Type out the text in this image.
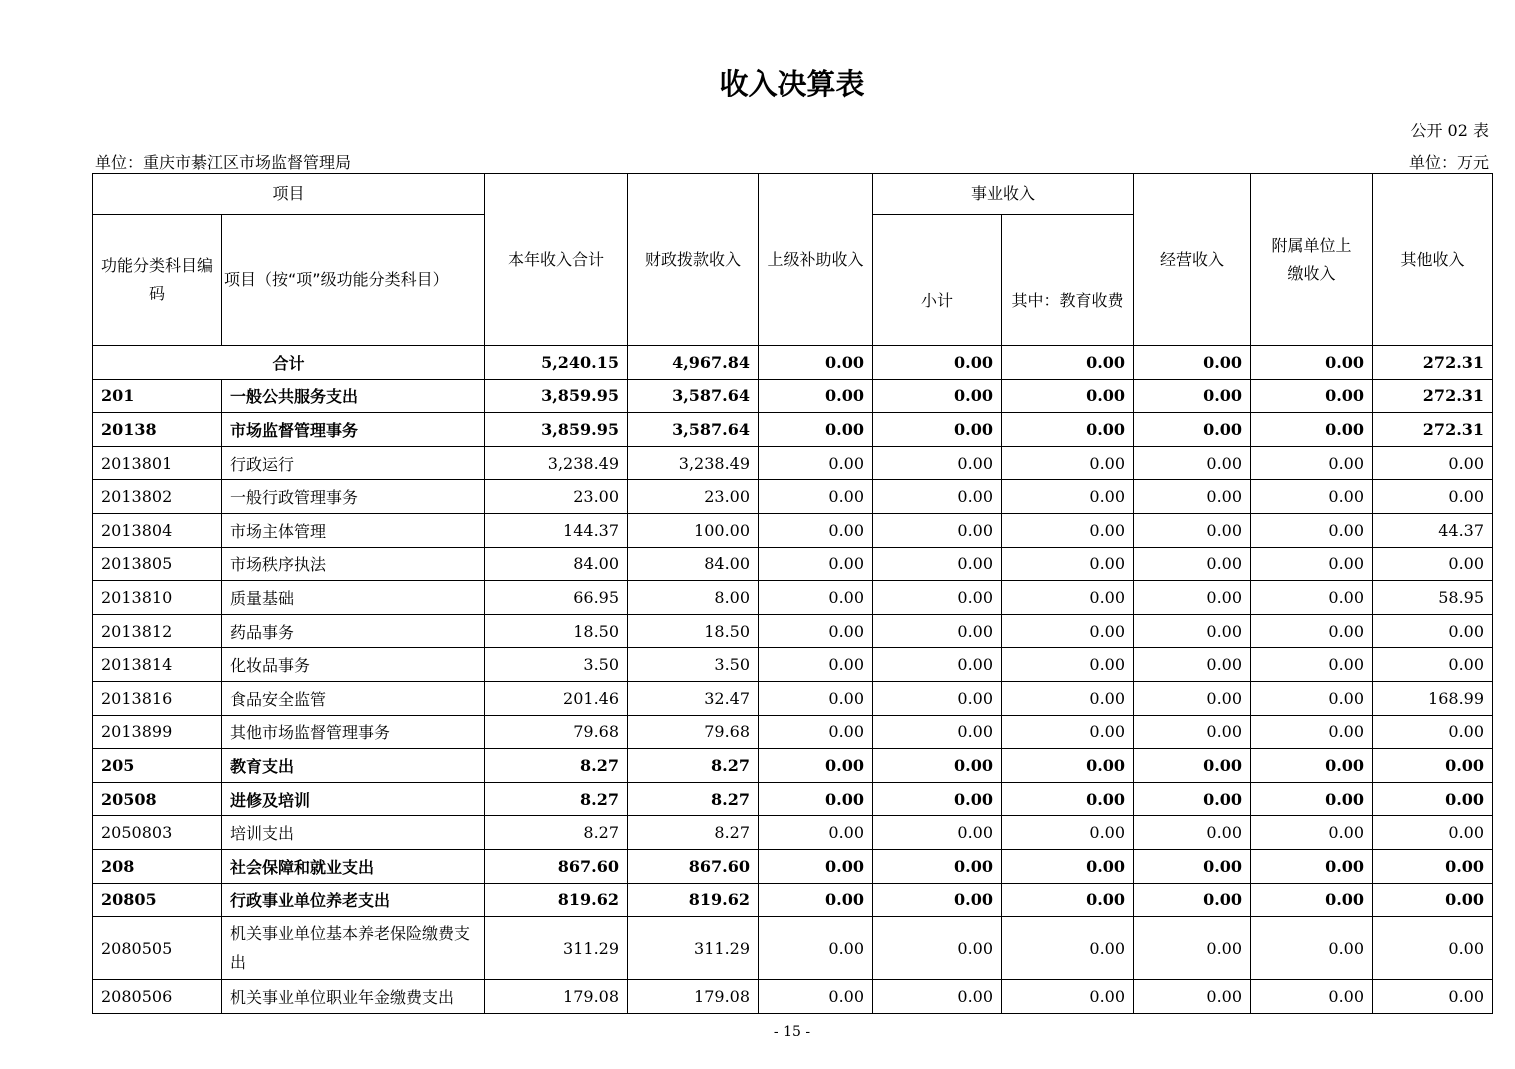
收入决算表
公开 02 表
单位：重庆市綦江区市场监督管理局	单位：万元
项目		本年收入合计	财政拨款收入	上级补助收入	事业收入		经营收入	附属单位上缴收入	其他收入
功能分类科目编码	项目（按“项”级功能分类科目）				小计	其中：教育收费			
合计		5,240.15	4,967.84	0.00	0.00	0.00	0.00	0.00	272.31
201	一般公共服务支出	3,859.95	3,587.64	0.00	0.00	0.00	0.00	0.00	272.31
20138	市场监督管理事务	3,859.95	3,587.64	0.00	0.00	0.00	0.00	0.00	272.31
2013801	行政运行	3,238.49	3,238.49	0.00	0.00	0.00	0.00	0.00	0.00
2013802	一般行政管理事务	23.00	23.00	0.00	0.00	0.00	0.00	0.00	0.00
2013804	市场主体管理	144.37	100.00	0.00	0.00	0.00	0.00	0.00	44.37
2013805	市场秩序执法	84.00	84.00	0.00	0.00	0.00	0.00	0.00	0.00
2013810	质量基础	66.95	8.00	0.00	0.00	0.00	0.00	0.00	58.95
2013812	药品事务	18.50	18.50	0.00	0.00	0.00	0.00	0.00	0.00
2013814	化妆品事务	3.50	3.50	0.00	0.00	0.00	0.00	0.00	0.00
2013816	食品安全监管	201.46	32.47	0.00	0.00	0.00	0.00	0.00	168.99
2013899	其他市场监督管理事务	79.68	79.68	0.00	0.00	0.00	0.00	0.00	0.00
205	教育支出	8.27	8.27	0.00	0.00	0.00	0.00	0.00	0.00
20508	进修及培训	8.27	8.27	0.00	0.00	0.00	0.00	0.00	0.00
2050803	培训支出	8.27	8.27	0.00	0.00	0.00	0.00	0.00	0.00
208	社会保障和就业支出	867.60	867.60	0.00	0.00	0.00	0.00	0.00	0.00
20805	行政事业单位养老支出	819.62	819.62	0.00	0.00	0.00	0.00	0.00	0.00
2080505	机关事业单位基本养老保险缴费支出	311.29	311.29	0.00	0.00	0.00	0.00	0.00	0.00
2080506	机关事业单位职业年金缴费支出	179.08	179.08	0.00	0.00	0.00	0.00	0.00	0.00
- 15 -
